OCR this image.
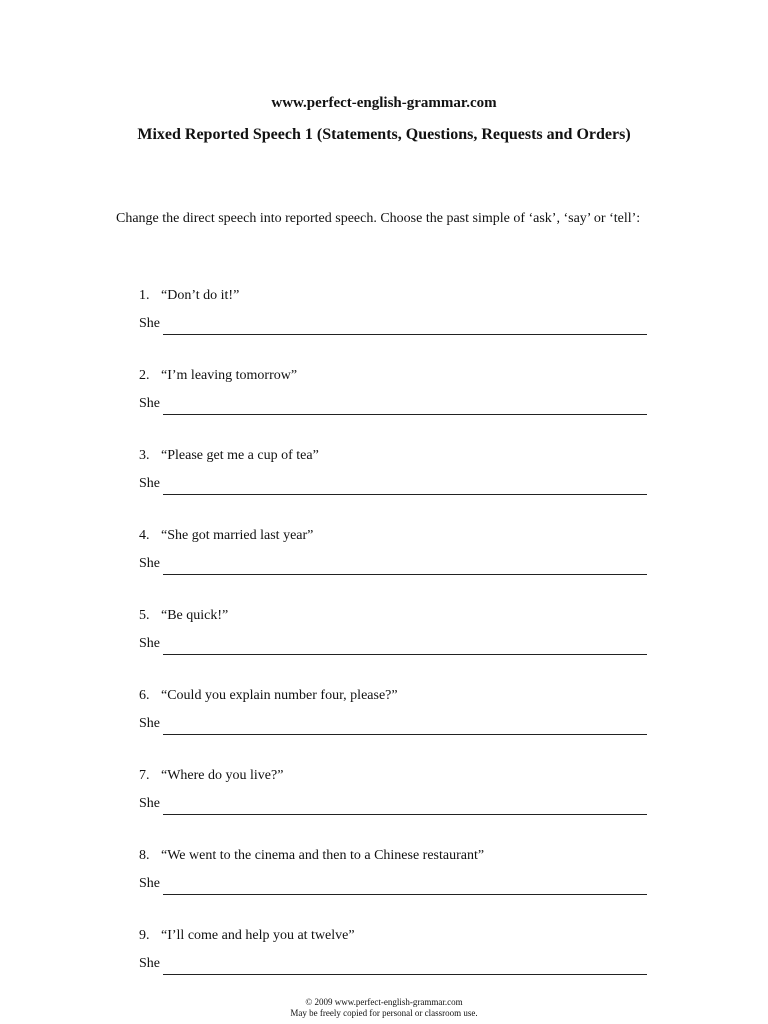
www.perfect-english-grammar.com
Mixed Reported Speech 1 (Statements, Questions, Requests and Orders)
Change the direct speech into reported speech. Choose the past simple of ‘ask’, ‘say’ or ‘tell’:
1. “Don’t do it!”
She
2. “I’m leaving tomorrow”
She
3. “Please get me a cup of tea”
She
4. “She got married last year”
She
5. “Be quick!”
She
6. “Could you explain number four, please?”
She
7. “Where do you live?”
She
8. “We went to the cinema and then to a Chinese restaurant”
She
9. “I’ll come and help you at twelve”
She
© 2009 www.perfect-english-grammar.com
May be freely copied for personal or classroom use.
